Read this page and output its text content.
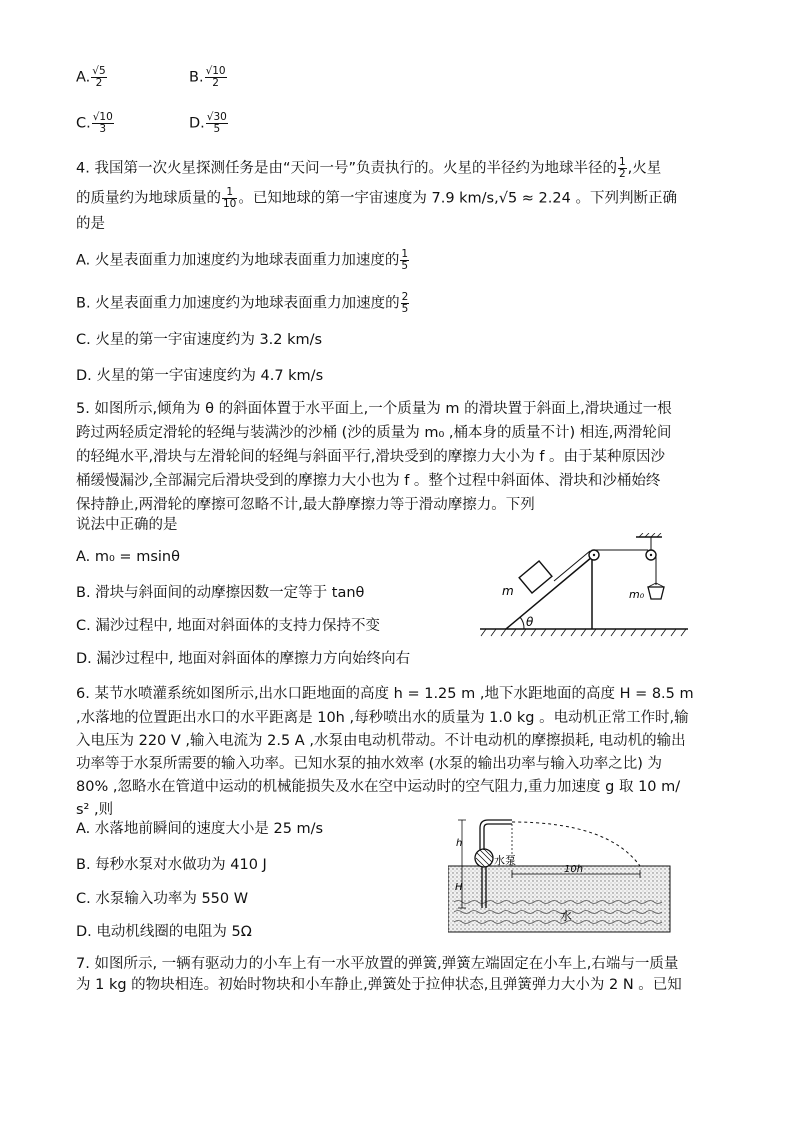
A. $\frac{√5}{2}$	B. $\frac{√10}{2}$
C. $\frac{√10}{3}$	D. $\frac{√30}{5}$
4. 我国第一次火星探测任务是由“天问一号”负责执行的。火星的半径约为地球半径的 $\frac{1}{2}$ ,火星
的质量约为地球质量的 $\frac{1}{10}$ 。已知地球的第一宇宙速度为 7.9 km/s,√5 ≈ 2.24 。下列判断正确
的是
A. 火星表面重力加速度约为地球表面重力加速度的 $\frac{1}{5}$
B. 火星表面重力加速度约为地球表面重力加速度的 $\frac{2}{5}$
C. 火星的第一宇宙速度约为 3.2 km/s
D. 火星的第一宇宙速度约为 4.7 km/s
5. 如图所示,倾角为 θ 的斜面体置于水平面上,一个质量为 m 的滑块置于斜面上,滑块通过一根
跨过两轻质定滑轮的轻绳与装满沙的沙桶 (沙的质量为 m₀ ,桶本身的质量不计) 相连,两滑轮间
的轻绳水平,滑块与左滑轮间的轻绳与斜面平行,滑块受到的摩擦力大小为 f 。由于某种原因沙
桶缓慢漏沙,全部漏完后滑块受到的摩擦力大小也为 f 。整个过程中斜面体、滑块和沙桶始终
保持静止,两滑轮的摩擦可忽略不计,最大静摩擦力等于滑动摩擦力。下列
说法中正确的是
A. m₀ = msinθ
B. 滑块与斜面间的动摩擦因数一定等于 tanθ
C. 漏沙过程中, 地面对斜面体的支持力保持不变
D. 漏沙过程中, 地面对斜面体的摩擦力方向始终向右
θ
m	m₀
6. 某节水喷灌系统如图所示,出水口距地面的高度 h = 1.25 m ,地下水距地面的高度 H = 8.5 m
,水落地的位置距出水口的水平距离是 10h ,每秒喷出水的质量为 1.0 kg 。电动机正常工作时,输
入电压为 220 V ,输入电流为 2.5 A ,水泵由电动机带动。不计电动机的摩擦损耗, 电动机的输出
功率等于水泵所需要的输入功率。已知水泵的抽水效率 (水泵的输出功率与输入功率之比) 为
80% ,忽略水在管道中运动的机械能损失及水在空中运动时的空气阻力,重力加速度 g 取 10 m/
s² ,则
A. 水落地前瞬间的速度大小是 25 m/s
B. 每秒水泵对水做功为 410 J
C. 水泵输入功率为 550 W
D. 电动机线圈的电阻为 5Ω
水泵
h
H
10h
水
7. 如图所示, 一辆有驱动力的小车上有一水平放置的弹簧,弹簧左端固定在小车上,右端与一质量
为 1 kg 的物块相连。初始时物块和小车静止,弹簧处于拉伸状态,且弹簧弹力大小为 2 N 。已知
